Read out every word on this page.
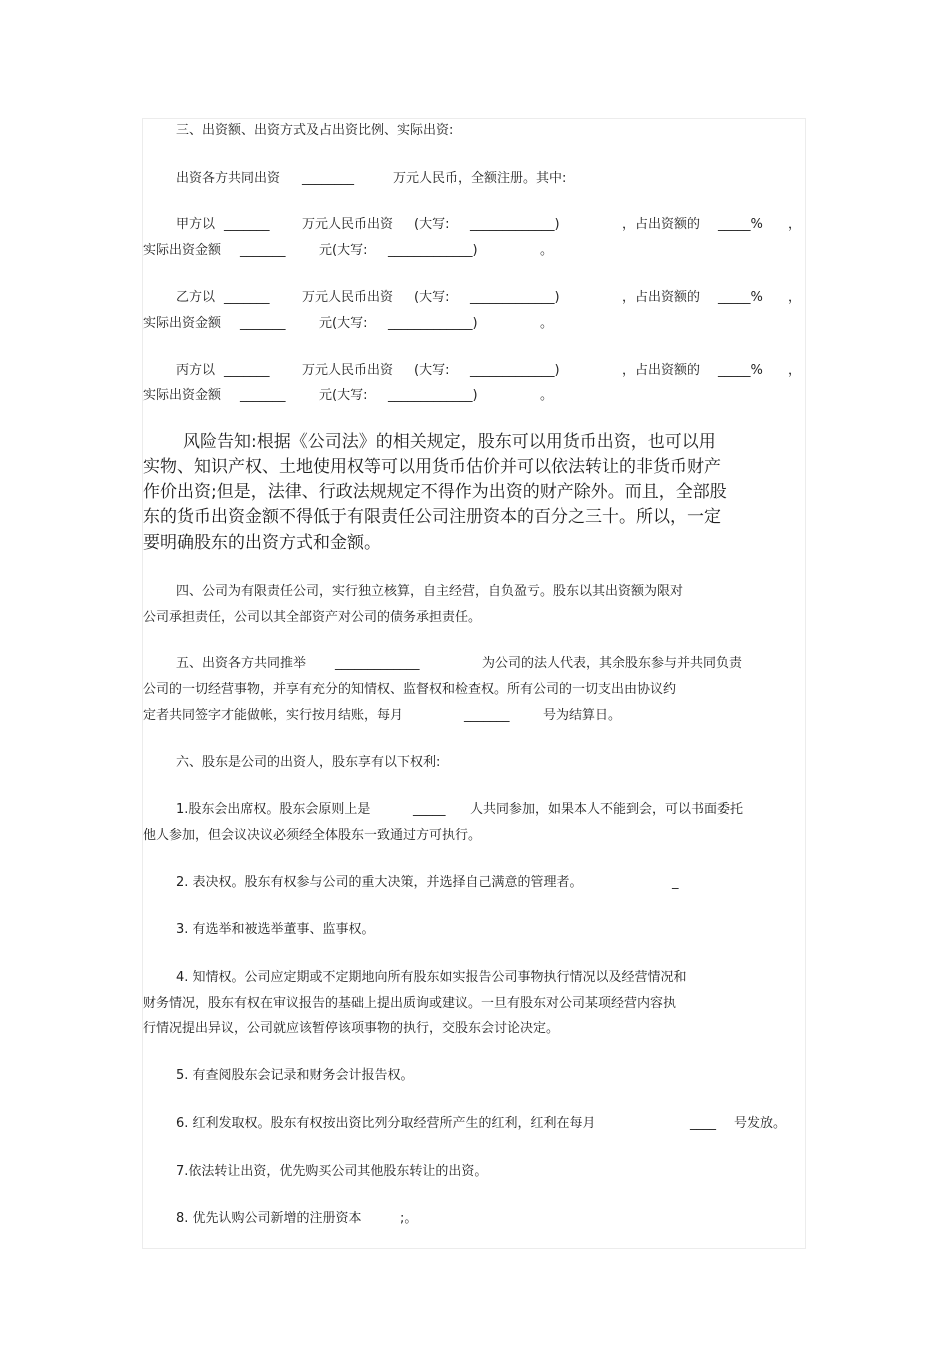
三、出资额、出资方式及占出资比例、实际出资:
出资各方共同出资 ________	万元人民币，全额注册。其中:
甲方以 _______	万元人民币出资 (大写: _____________)	，占出资额的 _____% ，
实际出资金额 _______	元(大写: _____________)	。
乙方以 _______	万元人民币出资 (大写: _____________)	，占出资额的 _____% ，
实际出资金额 _______	元(大写: _____________)	。
丙方以 _______	万元人民币出资 (大写: _____________)	，占出资额的 _____% ，
实际出资金额 _______	元(大写: _____________)	。
风险告知:根据《公司法》的相关规定，股东可以用货币出资，也可以用
实物、知识产权、土地使用权等可以用货币估价并可以依法转让的非货币财产
作价出资;但是，法律、行政法规规定不得作为出资的财产除外。而且，全部股
东的货币出资金额不得低于有限责任公司注册资本的百分之三十。所以，一定
要明确股东的出资方式和金额。
四、公司为有限责任公司，实行独立核算，自主经营，自负盈亏。股东以其出资额为限对
公司承担责任，公司以其全部资产对公司的债务承担责任。
五、出资各方共同推举 _____________	为公司的法人代表，其余股东参与并共同负责
公司的一切经营事物，并享有充分的知情权、监督权和检查权。所有公司的一切支出由协议约
定者共同签字才能做帐，实行按月结账，每月	_______	号为结算日。
六、股东是公司的出资人，股东享有以下权利:
1.股东会出席权。股东会原则上是	_____ 人共同参加，如果本人不能到会，可以书面委托
他人参加，但会议决议必须经全体股东一致通过方可执行。
2. 表决权。股东有权参与公司的重大决策，并选择自己满意的管理者。	_
3. 有选举和被选举董事、监事权。
4. 知情权。公司应定期或不定期地向所有股东如实报告公司事物执行情况以及经营情况和
财务情况，股东有权在审议报告的基础上提出质询或建议。一旦有股东对公司某项经营内容执
行情况提出异议，公司就应该暂停该项事物的执行，交股东会讨论决定。
5. 有查阅股东会记录和财务会计报告权。
6. 红利发取权。股东有权按出资比列分取经营所产生的红利，红利在每月	____ 号发放。
7.依法转让出资，优先购买公司其他股东转让的出资。
8. 优先认购公司新增的注册资本	;。
